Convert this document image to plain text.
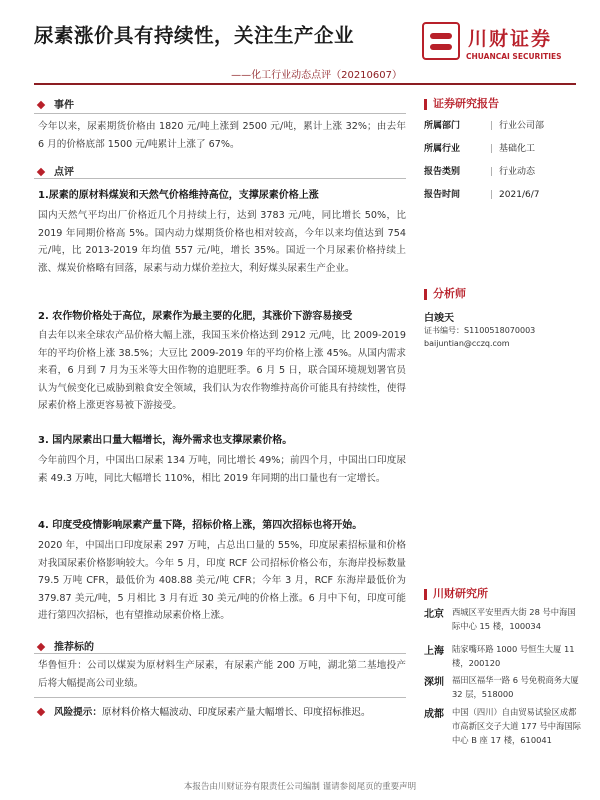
尿素涨价具有持续性，关注生产企业
——化工行业动态点评（20210607）
川财证券
CHUANCAI SECURITIES
事件
今年以来，尿素期货价格由 1820 元/吨上涨到 2500 元/吨，累计上涨 32%；由去年 6 月的价格底部 1500 元/吨累计上涨了 67%。
点评
1.尿素的原材料煤炭和天然气价格维持高位，支撑尿素价格上涨
国内天然气平均出厂价格近几个月持续上行，达到 3783 元/吨，同比增长 50%，比 2019 年同期价格高 5%。国内动力煤期货价格也相对较高，今年以来均值达到 754 元/吨，比 2013-2019 年均值 557 元/吨，增长 35%。国近一个月尿素价格持续上涨、煤炭价格略有回落，尿素与动力煤价差拉大，利好煤头尿素生产企业。
2. 农作物价格处于高位，尿素作为最主要的化肥，其涨价下游容易接受
自去年以来全球农产品价格大幅上涨，我国玉米价格达到 2912 元/吨，比 2009-2019 年的平均价格上涨 38.5%；大豆比 2009-2019 年的平均价格上涨 45%。从国内需求来看，6 月到 7 月为玉米等大田作物的追肥旺季。6 月 5 日，联合国环境规划署官员认为气候变化已威胁到粮食安全领域，我们认为农作物维持高价可能具有持续性，使得尿素价格上涨更容易被下游接受。
3. 国内尿素出口量大幅增长，海外需求也支撑尿素价格。
今年前四个月，中国出口尿素 134 万吨，同比增长 49%；前四个月，中国出口印度尿素 49.3 万吨，同比大幅增长 110%，相比 2019 年同期的出口量也有一定增长。
4. 印度受疫情影响尿素产量下降，招标价格上涨，第四次招标也将开始。
2020 年，中国出口印度尿素 297 万吨，占总出口量的 55%，印度尿素招标量和价格对我国尿素价格影响较大。今年 5 月，印度 RCF 公司招标价格公布，东海岸投标数量 79.5 万吨 CFR，最低价为 408.88 美元/吨 CFR；今年 3 月，RCF 东海岸最低价为 379.87 美元/吨，5 月相比 3 月有近 30 美元/吨的价格上涨。6 月中下旬，印度可能进行第四次招标，也有望推动尿素价格上涨。
推荐标的
华鲁恒升：公司以煤炭为原材料生产尿素，有尿素产能 200 万吨，湖北第二基地投产后将大幅提高公司业绩。
风险提示：原材料价格大幅波动、印度尿素产量大幅增长、印度招标推迟。
证券研究报告
所属部门	| 行业公司部
所属行业	| 基础化工
报告类别	| 行业动态
报告时间	| 2021/6/7
分析师
白竣天
证书编号：S1100518070003
baijuntian@cczq.com
川财研究所
北京 西城区平安里西大街 28 号中海国际中心 15 楼，100034
上海 陆家嘴环路 1000 号恒生大厦 11 楼，200120
深圳 福田区福华一路 6 号免税商务大厦 32 层，518000
成都 中国（四川）自由贸易试验区成都市高新区交子大道 177 号中海国际中心 B 座 17 楼，610041
本报告由川财证券有限责任公司编制 谨请参阅尾页的重要声明
